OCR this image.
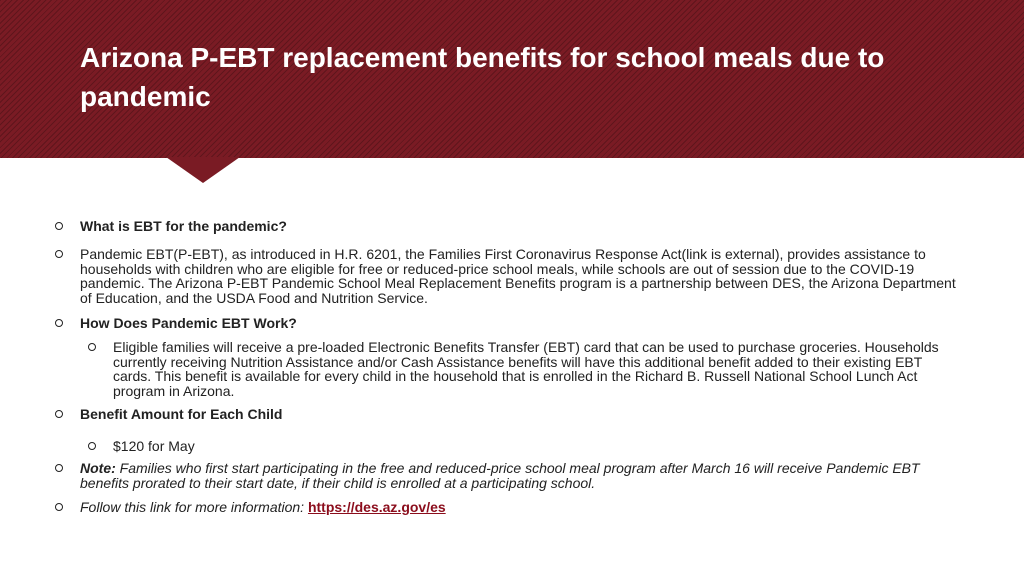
Arizona P-EBT replacement benefits for school meals due to pandemic
What is EBT for the pandemic?
Pandemic EBT(P-EBT), as introduced in H.R. 6201, the Families First Coronavirus Response Act(link is external), provides assistance to households with children who are eligible for free or reduced-price school meals, while schools are out of session due to the COVID-19 pandemic. The Arizona P-EBT Pandemic School Meal Replacement Benefits program is a partnership between DES, the Arizona Department of Education, and the USDA Food and Nutrition Service.
How Does Pandemic EBT Work?
Eligible families will receive a pre-loaded Electronic Benefits Transfer (EBT) card that can be used to purchase groceries. Households currently receiving Nutrition Assistance and/or Cash Assistance benefits will have this additional benefit added to their existing EBT cards. This benefit is available for every child in the household that is enrolled in the Richard B. Russell National School Lunch Act program in Arizona.
Benefit Amount for Each Child
$120 for May
Note: Families who first start participating in the free and reduced-price school meal program after March 16 will receive Pandemic EBT benefits prorated to their start date, if their child is enrolled at a participating school.
Follow this link for more information: https://des.az.gov/es
